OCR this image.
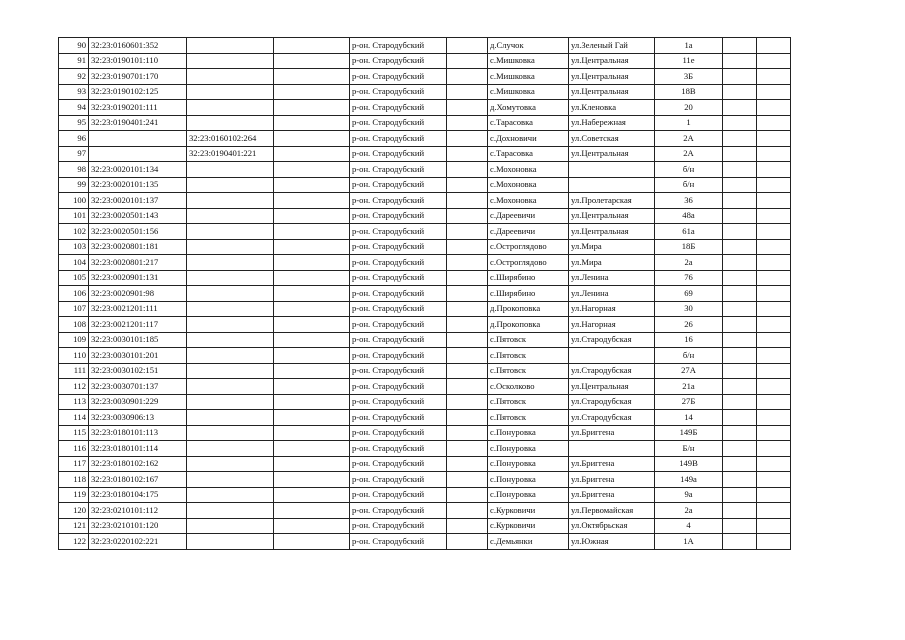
90	32:23:0160601:352			р-он. Стародубский		д.Случок	ул.Зеленый Гай	1а		
91	32:23:0190101:110			р-он. Стародубский		с.Мишковка	ул.Центральная	11е		
92	32:23:0190701:170			р-он. Стародубский		с.Мишковка	ул.Центральная	3Б		
93	32:23:0190102:125			р-он. Стародубский		с.Мишковка	ул.Центральная	18В		
94	32:23:0190201:111			р-он. Стародубский		д.Хомутовка	ул.Кленовка	20		
95	32:23:0190401:241			р-он. Стародубский		с.Тарасовка	ул.Набережная	1		
96		32:23:0160102:264		р-он. Стародубский		с.Дохновичи	ул.Советская	2А		
97		32:23:0190401:221		р-он. Стародубский		с.Тарасовка	ул.Центральная	2А		
98	32:23:0020101:134			р-он. Стародубский		с.Мохоновка		б/н		
99	32:23:0020101:135			р-он. Стародубский		с.Мохоновка		б/н		
100	32:23:0020101:137			р-он. Стародубский		с.Мохоновка	ул.Пролетарская	36		
101	32:23:0020501:143			р-он. Стародубский		с.Дареевичи	ул.Центральная	48а		
102	32:23:0020501:156			р-он. Стародубский		с.Дареевичи	ул.Центральная	61а		
103	32:23:0020801:181			р-он. Стародубский		с.Остроглядово	ул.Мира	18Б		
104	32:23:0020801:217			р-он. Стародубский		с.Остроглядово	ул.Мира	2а		
105	32:23:0020901:131			р-он. Стародубский		с.Ширябино	ул.Ленина	76		
106	32:23:0020901:98			р-он. Стародубский		с.Ширябино	ул.Ленина	69		
107	32:23:0021201:111			р-он. Стародубский		д.Прокоповка	ул.Нагорная	30		
108	32:23:0021201:117			р-он. Стародубский		д.Прокоповка	ул.Нагорная	26		
109	32:23:0030101:185			р-он. Стародубский		с.Пятовск	ул.Стародубская	16		
110	32:23:0030101:201			р-он. Стародубский		с.Пятовск		б/н		
111	32:23:0030102:151			р-он. Стародубский		с.Пятовск	ул.Стародубская	27А		
112	32:23:0030701:137			р-он. Стародубский		с.Осколково	ул.Центральная	21а		
113	32:23:0030901:229			р-он. Стародубский		с.Пятовск	ул.Стародубская	27Б		
114	32:23:0030906:13			р-он. Стародубский		с.Пятовск	ул.Стародубская	14		
115	32:23:0180101:113			р-он. Стародубский		с.Понуровка	ул.Бриггена	149Б		
116	32:23:0180101:114			р-он. Стародубский		с.Понуровка		Б/н		
117	32:23:0180102:162			р-он. Стародубский		с.Понуровка	ул.Бриггена	149В		
118	32:23:0180102:167			р-он. Стародубский		с.Понуровка	ул.Бриггена	149а		
119	32:23:0180104:175			р-он. Стародубский		с.Понуровка	ул.Бриггена	9а		
120	32:23:0210101:112			р-он. Стародубский		с.Курковичи	ул.Первомайская	2а		
121	32:23:0210101:120			р-он. Стародубский		с.Курковичи	ул.Октябрьская	4		
122	32:23:0220102:221			р-он. Стародубский		с.Демьянки	ул.Южная	1А		
